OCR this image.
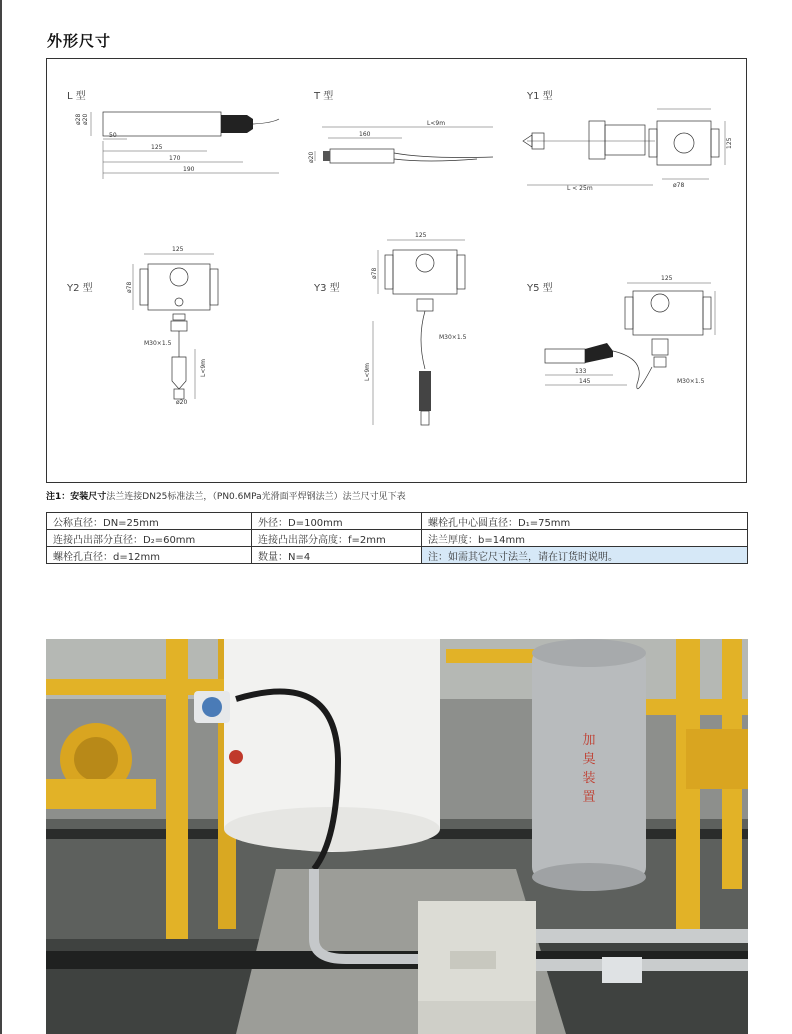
外形尺寸
ø28 ø20
50
125
170
190
L<9m
160
ø20
L < 25m	ø78
125
125
ø78
M30×1.5
L<9m
ø20
125
ø78
M30×1.5
L<9m
125
M30×1.5
133
145
L 型	T 型	Y1 型
Y2 型	Y3 型	Y5 型
注1：安装尺寸法兰连接DN25标准法兰，（PN0.6MPa光滑面平焊钢法兰）法兰尺寸见下表
公称直径：DN=25mm	外径：D=100mm	螺栓孔中心圆直径：D₁=75mm
连接凸出部分直径：D₂=60mm	连接凸出部分高度：f=2mm	法兰厚度：b=14mm
螺栓孔直径：d=12mm	数量：N=4	注：如需其它尺寸法兰，请在订货时说明。
加
臭
装
置
